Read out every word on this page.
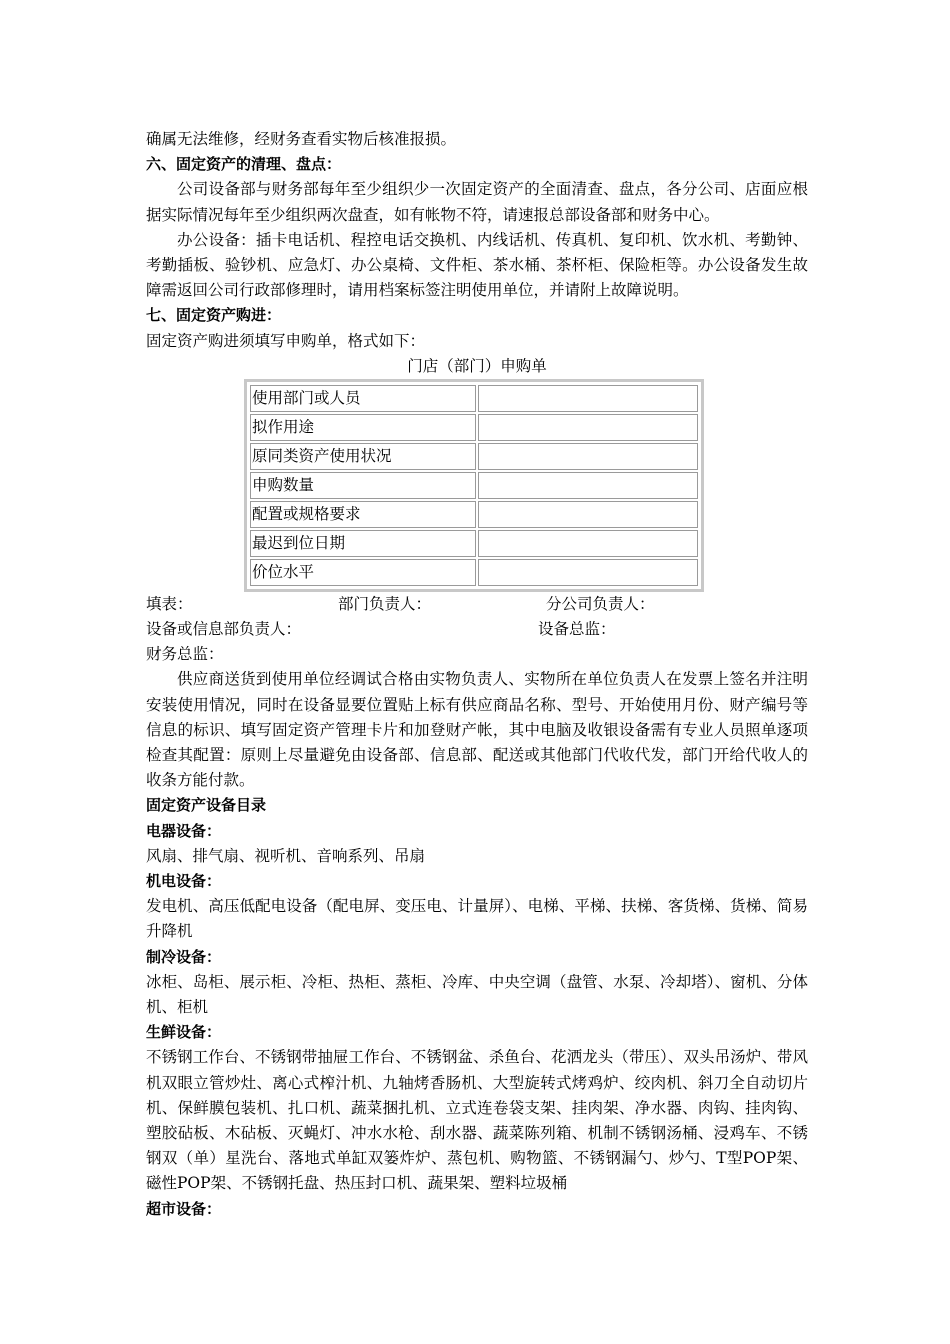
确属无法维修，经财务查看实物后核准报损。

六、固定资产的清理、盘点：

公司设备部与财务部每年至少组织少一次固定资产的全面清查、盘点，各分公司、店面应根据实际情况每年至少组织两次盘查，如有帐物不符，请速报总部设备部和财务中心。

办公设备：插卡电话机、程控电话交换机、内线话机、传真机、复印机、饮水机、考勤钟、考勤插板、验钞机、应急灯、办公桌椅、文件柜、茶水桶、茶杯柜、保险柜等。办公设备发生故障需返回公司行政部修理时，请用档案标签注明使用单位，并请附上故障说明。

七、固定资产购进：

固定资产购进须填写申购单，格式如下：

门店（部门）申购单

使用部门或人员	
拟作用途	
原同类资产使用状况	
申购数量	
配置或规格要求	
最迟到位日期	
价位水平	
填表：	部门负责人：	分公司负责人：
设备或信息部负责人：	设备总监：
财务总监：

供应商送货到使用单位经调试合格由实物负责人、实物所在单位负责人在发票上签名并注明安装使用情况，同时在设备显要位置贴上标有供应商品名称、型号、开始使用月份、财产编号等信息的标识、填写固定资产管理卡片和加登财产帐，其中电脑及收银设备需有专业人员照单逐项检查其配置：原则上尽量避免由设备部、信息部、配送或其他部门代收代发，部门开给代收人的收条方能付款。

固定资产设备目录

电器设备：

风扇、排气扇、视听机、音响系列、吊扇

机电设备：

发电机、高压低配电设备（配电屏、变压电、计量屏）、电梯、平梯、扶梯、客货梯、货梯、简易升降机

制冷设备：

冰柜、岛柜、展示柜、冷柜、热柜、蒸柜、冷库、中央空调（盘管、水泵、冷却塔）、窗机、分体机、柜机

生鲜设备：

不锈钢工作台、不锈钢带抽屉工作台、不锈钢盆、杀鱼台、花洒龙头（带压）、双头吊汤炉、带风机双眼立管炒灶、离心式榨汁机、九轴烤香肠机、大型旋转式烤鸡炉、绞肉机、斜刀全自动切片机、保鲜膜包装机、扎口机、蔬菜捆扎机、立式连卷袋支架、挂肉架、净水器、肉钩、挂肉钩、塑胶砧板、木砧板、灭蝇灯、冲水水枪、刮水器、蔬菜陈列箱、机制不锈钢汤桶、浸鸡车、不锈钢双（单）星洗台、落地式单缸双篓炸炉、蒸包机、购物篮、不锈钢漏勺、炒勺、T型POP架、磁性POP架、不锈钢托盘、热压封口机、蔬果架、塑料垃圾桶

超市设备：
